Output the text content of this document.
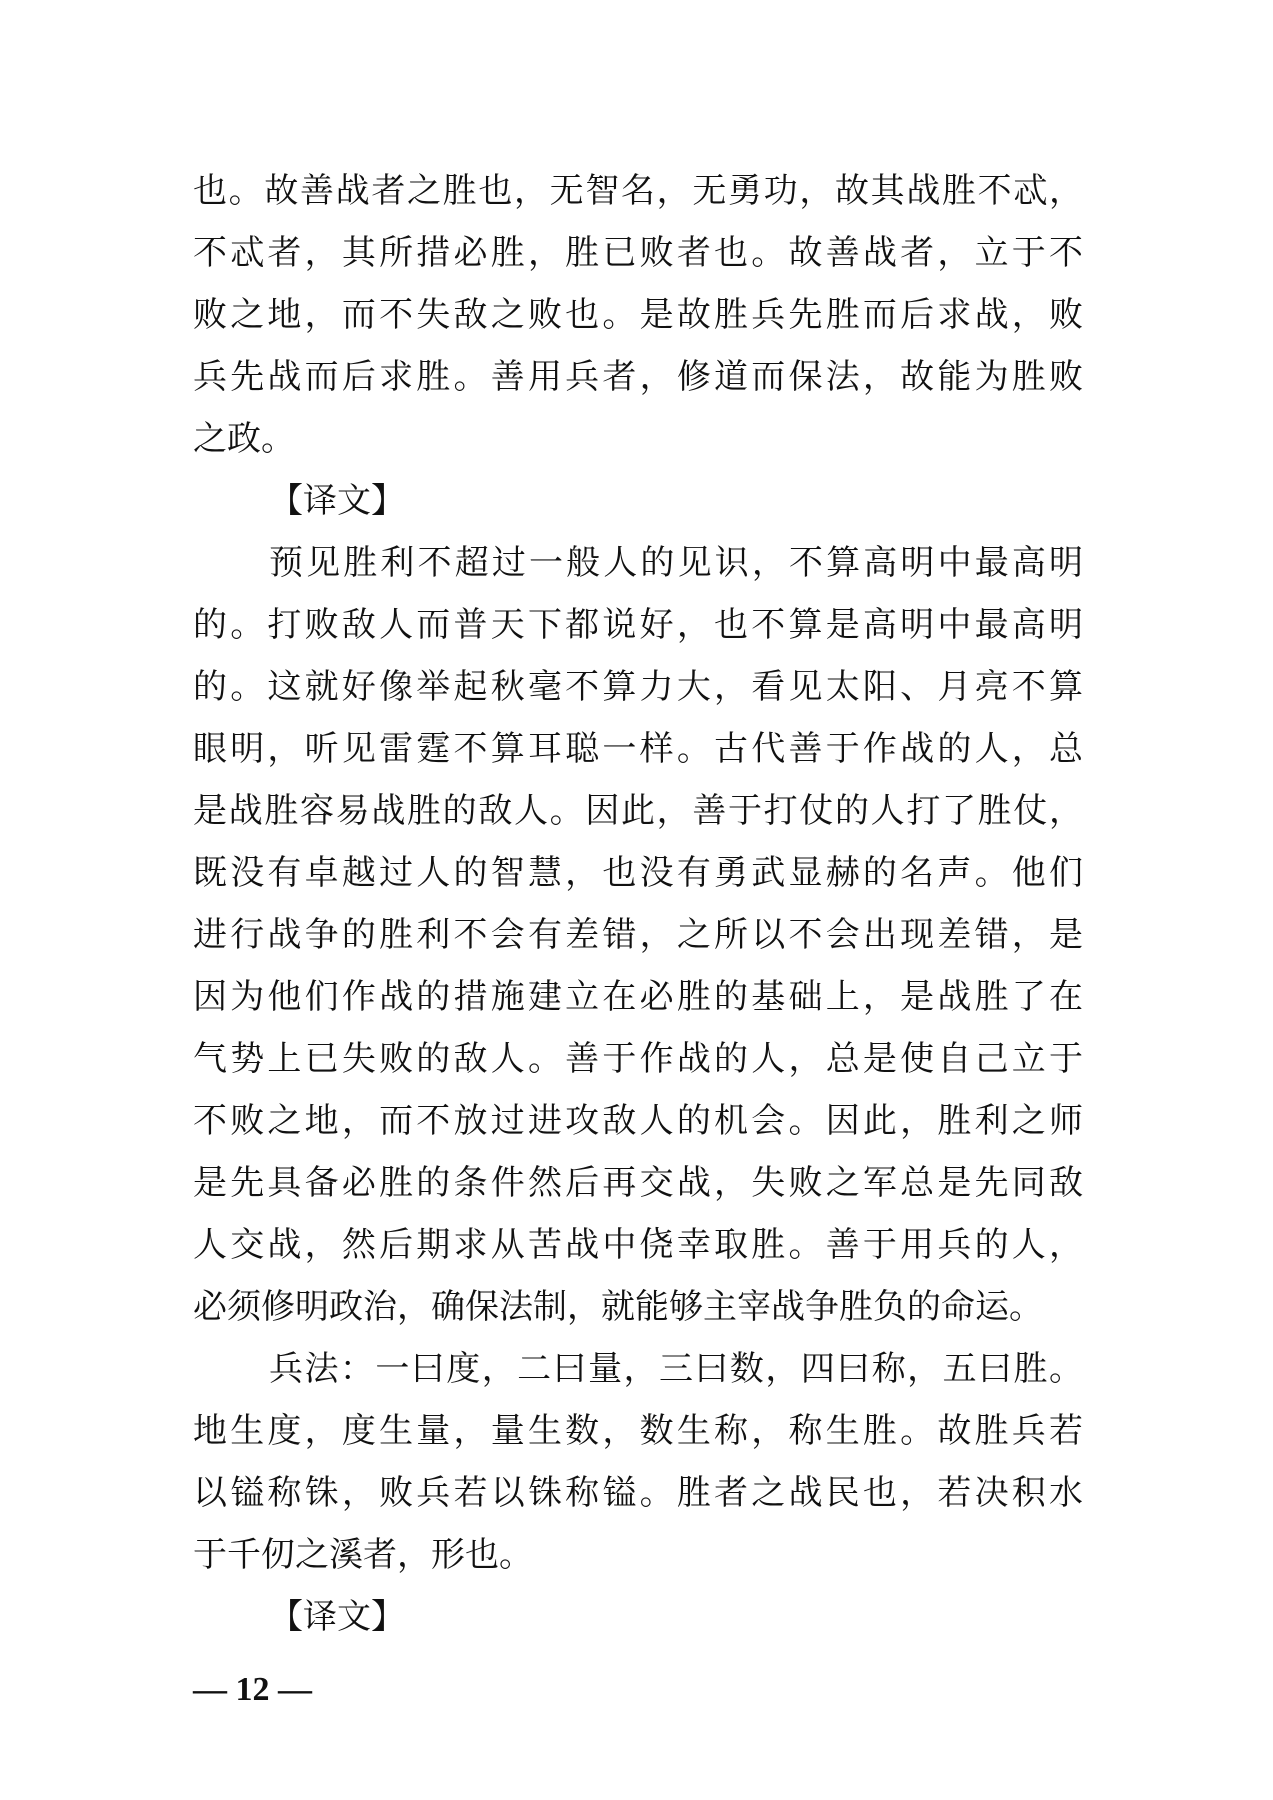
也。故善战者之胜也，无智名，无勇功，故其战胜不忒，
不忒者，其所措必胜，胜已败者也。故善战者，立于不
败之地，而不失敌之败也。是故胜兵先胜而后求战，败
兵先战而后求胜。善用兵者，修道而保法，故能为胜败
之政。
【译文】
预见胜利不超过一般人的见识，不算高明中最高明
的。打败敌人而普天下都说好，也不算是高明中最高明
的。这就好像举起秋毫不算力大，看见太阳、月亮不算
眼明，听见雷霆不算耳聪一样。古代善于作战的人，总
是战胜容易战胜的敌人。因此，善于打仗的人打了胜仗，
既没有卓越过人的智慧，也没有勇武显赫的名声。他们
进行战争的胜利不会有差错，之所以不会出现差错，是
因为他们作战的措施建立在必胜的基础上，是战胜了在
气势上已失败的敌人。善于作战的人，总是使自己立于
不败之地，而不放过进攻敌人的机会。因此，胜利之师
是先具备必胜的条件然后再交战，失败之军总是先同敌
人交战，然后期求从苦战中侥幸取胜。善于用兵的人，
必须修明政治，确保法制，就能够主宰战争胜负的命运。
兵法：一曰度，二曰量，三曰数，四曰称，五曰胜。
地生度，度生量，量生数，数生称，称生胜。故胜兵若
以镒称铢，败兵若以铢称镒。胜者之战民也，若决积水
于千仞之溪者，形也。
【译文】
— 12 —
